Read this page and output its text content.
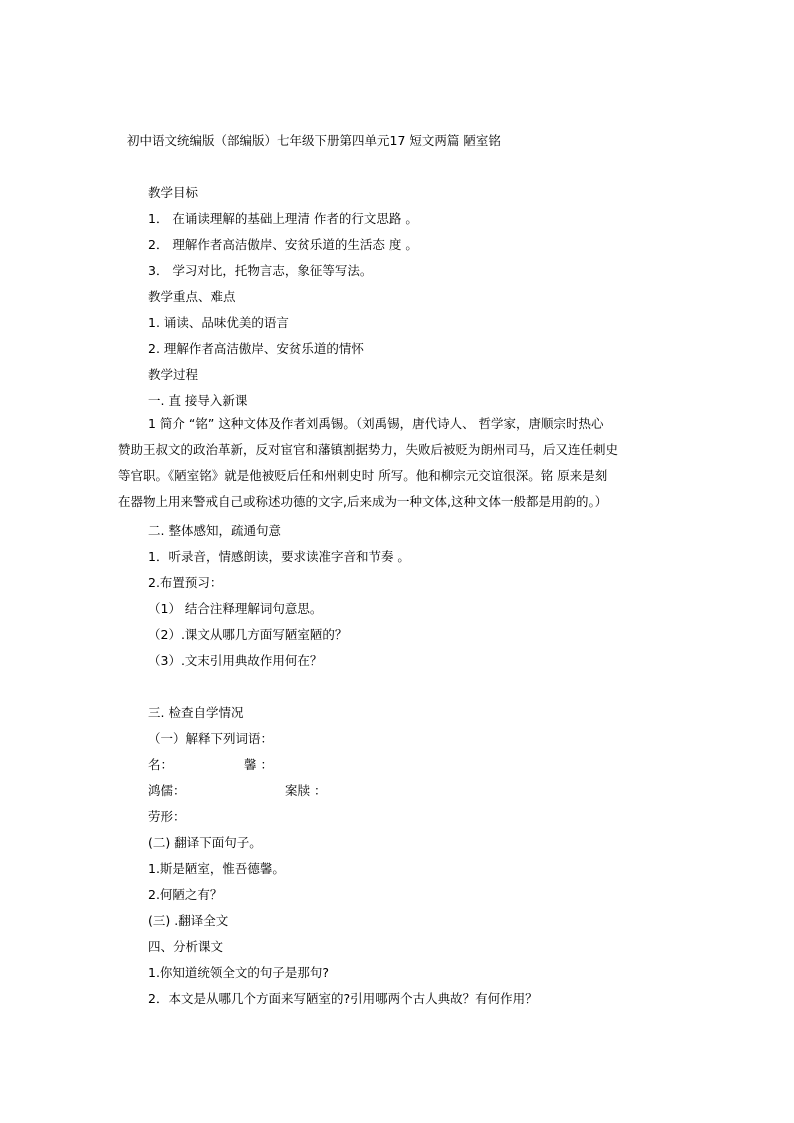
初中语文统编版（部编版）七年级下册第四单元17 短文两篇 陋室铭
教学目标
1． 在诵读理解的基础上理清 作者的行文思路 。
2． 理解作者高洁傲岸、安贫乐道的生活态 度 。
3． 学习对比，托物言志，象征等写法。
教学重点、难点
1. 诵读、品味优美的语言
2. 理解作者高洁傲岸、安贫乐道的情怀
教学过程
一. 直 接导入新课
1 简介 “铭” 这种文体及作者刘禹锡。（刘禹锡，唐代诗人、 哲学家，唐顺宗时热心
赞助王叔文的政治革新，反对宦官和藩镇割据势力，失败后被贬为朗州司马，后又连任刺史
等官职。《陋室铭》就是他被贬后任和州刺史时 所写。他和柳宗元交谊很深。铭 原来是刻
在器物上用来警戒自己或称述功德的文字,后来成为一种文体,这种文体一般都是用韵的。）
二. 整体感知，疏通句意
1．听录音，情感朗读，要求读准字音和节奏 。
2.布置预习：
（1） 结合注释理解词句意思。
（2）.课文从哪几方面写陋室陋的？
（3）.文末引用典故作用何在？
三. 检查自学情况
（一）解释下列词语：
名：	馨 ：
鸿儒：	案牍 ：
劳形：
(二) 翻译下面句子。
1.斯是陋室，惟吾德馨。
2.何陋之有？
(三) .翻译全文
四、分析课文
1.你知道统领全文的句子是那句?
2．本文是从哪几个方面来写陋室的?引用哪两个古人典故？有何作用？
